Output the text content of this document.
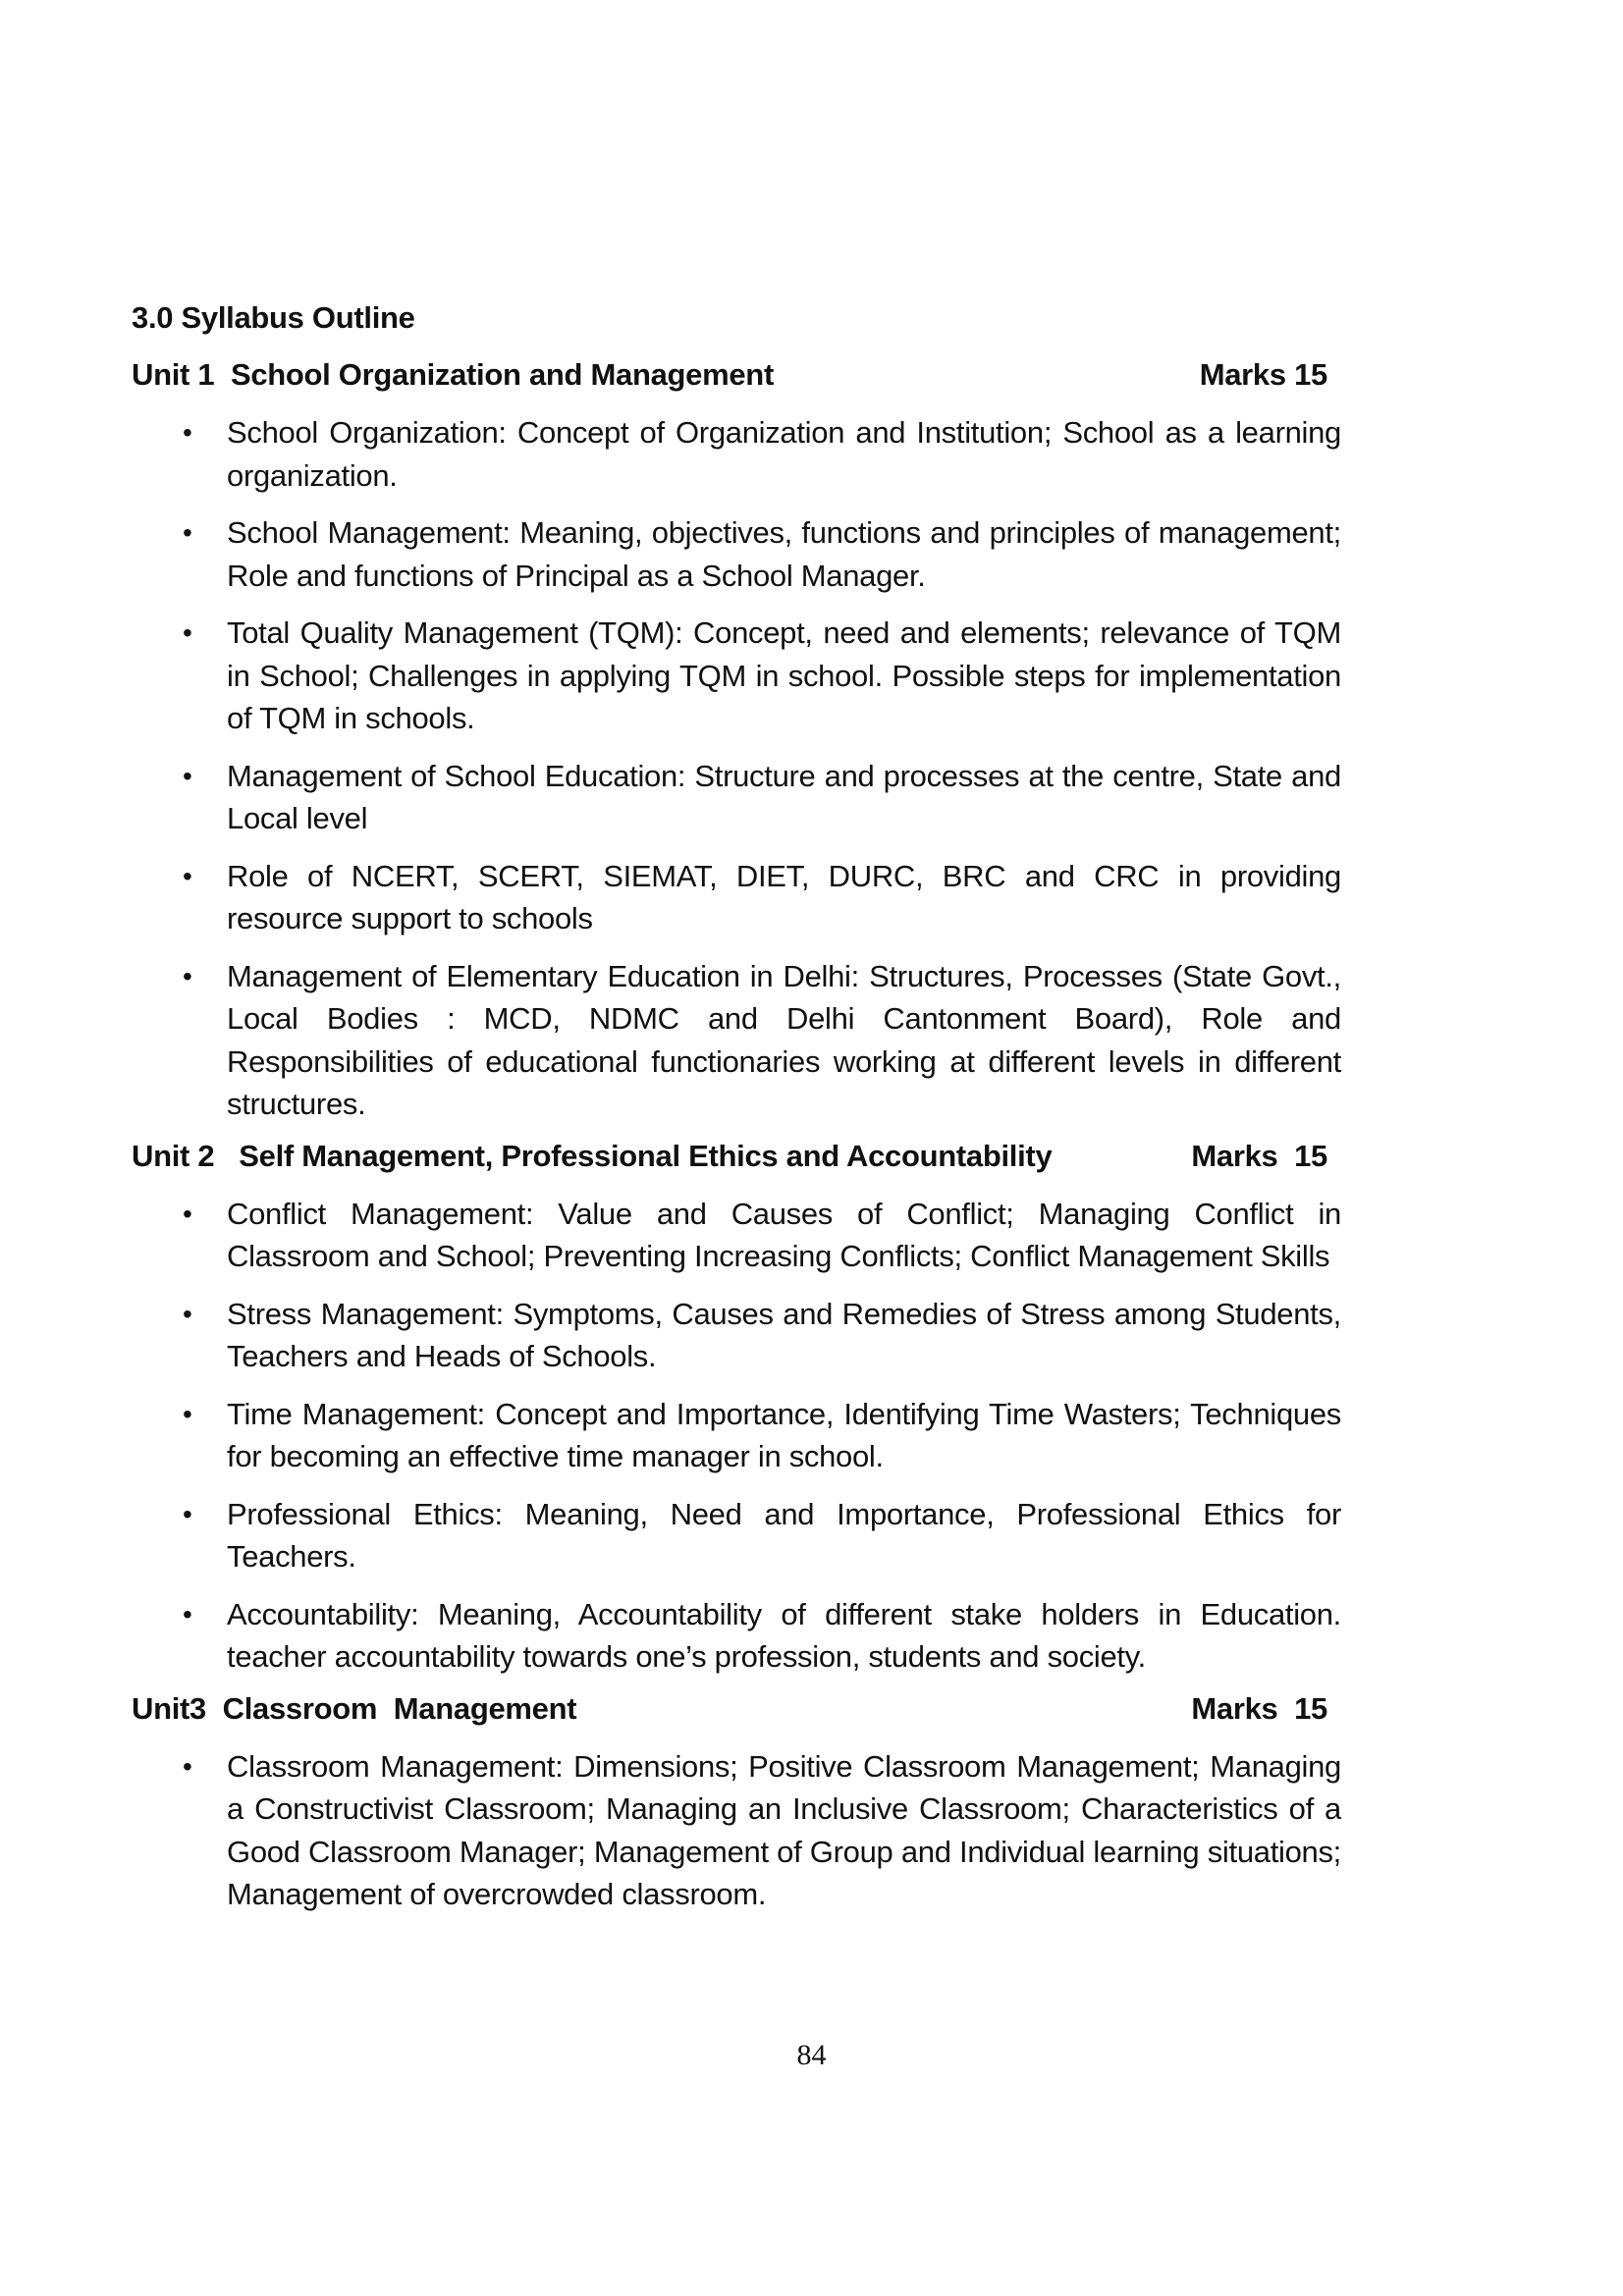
3.0 Syllabus Outline
Unit 1  School Organization and Management	Marks 15
• School Organization: Concept of Organization and Institution; School as a learning organization.
• School Management: Meaning, objectives, functions and principles of management; Role and functions of Principal as a School Manager.
• Total Quality Management (TQM): Concept, need and elements; relevance of TQM in School; Challenges in applying TQM in school. Possible steps for implementation of TQM in schools.
• Management of School Education: Structure and processes at the centre, State and Local level
• Role of NCERT, SCERT, SIEMAT, DIET, DURC, BRC and CRC in providing resource support to schools
• Management of Elementary Education in Delhi: Structures, Processes (State Govt., Local Bodies : MCD, NDMC and Delhi Cantonment Board), Role and Responsibilities of educational functionaries working at different levels in different structures.
Unit 2   Self Management, Professional Ethics and Accountability	Marks  15
• Conflict Management: Value and Causes of Conflict; Managing Conflict in Classroom and School; Preventing Increasing Conflicts; Conflict Management Skills
• Stress Management: Symptoms, Causes and Remedies of Stress among Students, Teachers and Heads of Schools.
• Time Management: Concept and Importance, Identifying Time Wasters; Techniques for becoming an effective time manager in school.
• Professional Ethics: Meaning, Need and Importance, Professional Ethics for Teachers.
• Accountability: Meaning, Accountability of different stake holders in Education. teacher accountability towards one’s profession, students and society.
Unit3  Classroom  Management	Marks  15
• Classroom Management: Dimensions; Positive Classroom Management; Managing a Constructivist Classroom; Managing an Inclusive Classroom; Characteristics of a Good Classroom Manager; Management of Group and Individual learning situations; Management of overcrowded classroom.
84
